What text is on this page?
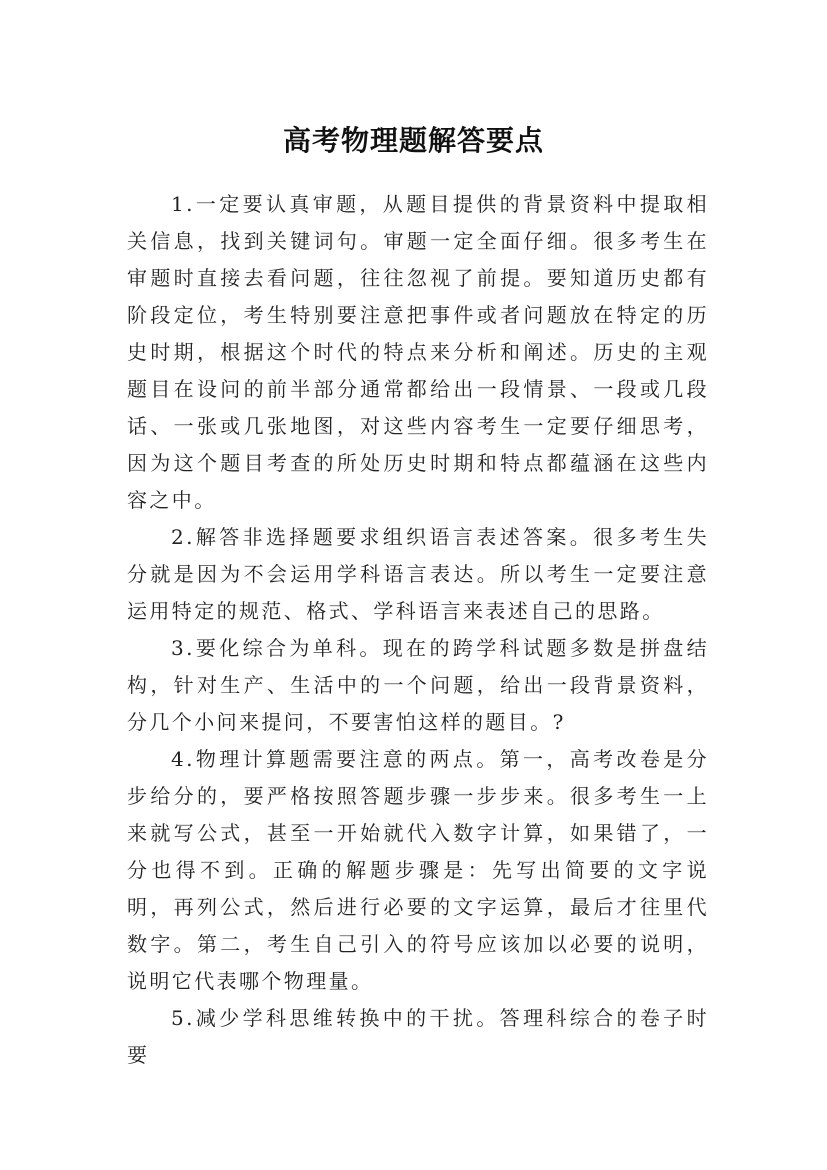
高考物理题解答要点

1.一定要认真审题，从题目提供的背景资料中提取相关信息，找到关键词句。审题一定全面仔细。很多考生在审题时直接去看问题，往往忽视了前提。要知道历史都有阶段定位，考生特别要注意把事件或者问题放在特定的历史时期，根据这个时代的特点来分析和阐述。历史的主观题目在设问的前半部分通常都给出一段情景、一段或几段话、一张或几张地图，对这些内容考生一定要仔细思考，因为这个题目考查的所处历史时期和特点都蕴涵在这些内容之中。

2.解答非选择题要求组织语言表述答案。很多考生失分就是因为不会运用学科语言表达。所以考生一定要注意运用特定的规范、格式、学科语言来表述自己的思路。

3.要化综合为单科。现在的跨学科试题多数是拼盘结构，针对生产、生活中的一个问题，给出一段背景资料，分几个小问来提问，不要害怕这样的题目。?

4.物理计算题需要注意的两点。第一，高考改卷是分步给分的，要严格按照答题步骤一步步来。很多考生一上来就写公式，甚至一开始就代入数字计算，如果错了，一分也得不到。正确的解题步骤是：先写出简要的文字说明，再列公式，然后进行必要的文字运算，最后才往里代数字。第二，考生自己引入的符号应该加以必要的说明，说明它代表哪个物理量。

5.减少学科思维转换中的干扰。答理科综合的卷子时要
